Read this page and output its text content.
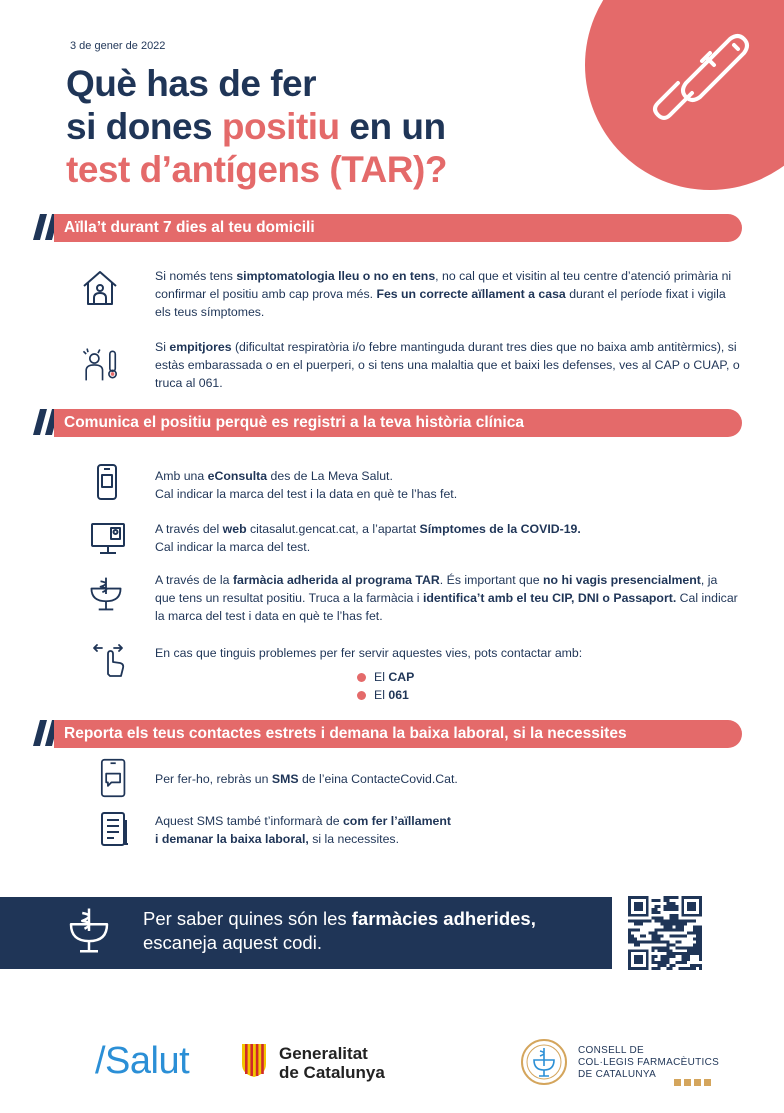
3 de gener de 2022
Què has de fer
si dones positiu en un
test d’antígens (TAR)?
Aïlla’t durant 7 dies al teu domicili
Si només tens simptomatologia lleu o no en tens, no cal que et visitin al teu centre d’atenció primària ni confirmar el positiu amb cap prova més. Fes un correcte aïllament a casa durant el període fixat i vigila els teus símptomes.
Si empitjores (dificultat respiratòria i/o febre mantinguda durant tres dies que no baixa amb antitèrmics), si estàs embarassada o en el puerperi, o si tens una malaltia que et baixi les defenses, ves al CAP o CUAP, o truca al 061.
Comunica el positiu perquè es registri a la teva història clínica
Amb una eConsulta des de La Meva Salut.
Cal indicar la marca del test i la data en què te l’has fet.
A través del web citasalut.gencat.cat, a l’apartat Símptomes de la COVID-19.
Cal indicar la marca del test.
A través de la farmàcia adherida al programa TAR. És important que no hi vagis presencialment, ja que tens un resultat positiu. Truca a la farmàcia i identifica’t amb el teu CIP, DNI o Passaport. Cal indicar la marca del test i data en què te l’has fet.
En cas que tinguis problemes per fer servir aquestes vies, pots contactar amb:
El CAP
El 061
Reporta els teus contactes estrets i demana la baixa laboral, si la necessites
Per fer-ho, rebràs un SMS de l’eina ContacteCovid.Cat.
Aquest SMS també t’informarà de com fer l’aïllament
i demanar la baixa laboral, si la necessites.
Per saber quines són les farmàcies adherides, escaneja aquest codi.
/Salut	Generalitat
de Catalunya
CONSELL DE
COL·LEGIS FARMACÈUTICS
DE CATALUNYA
